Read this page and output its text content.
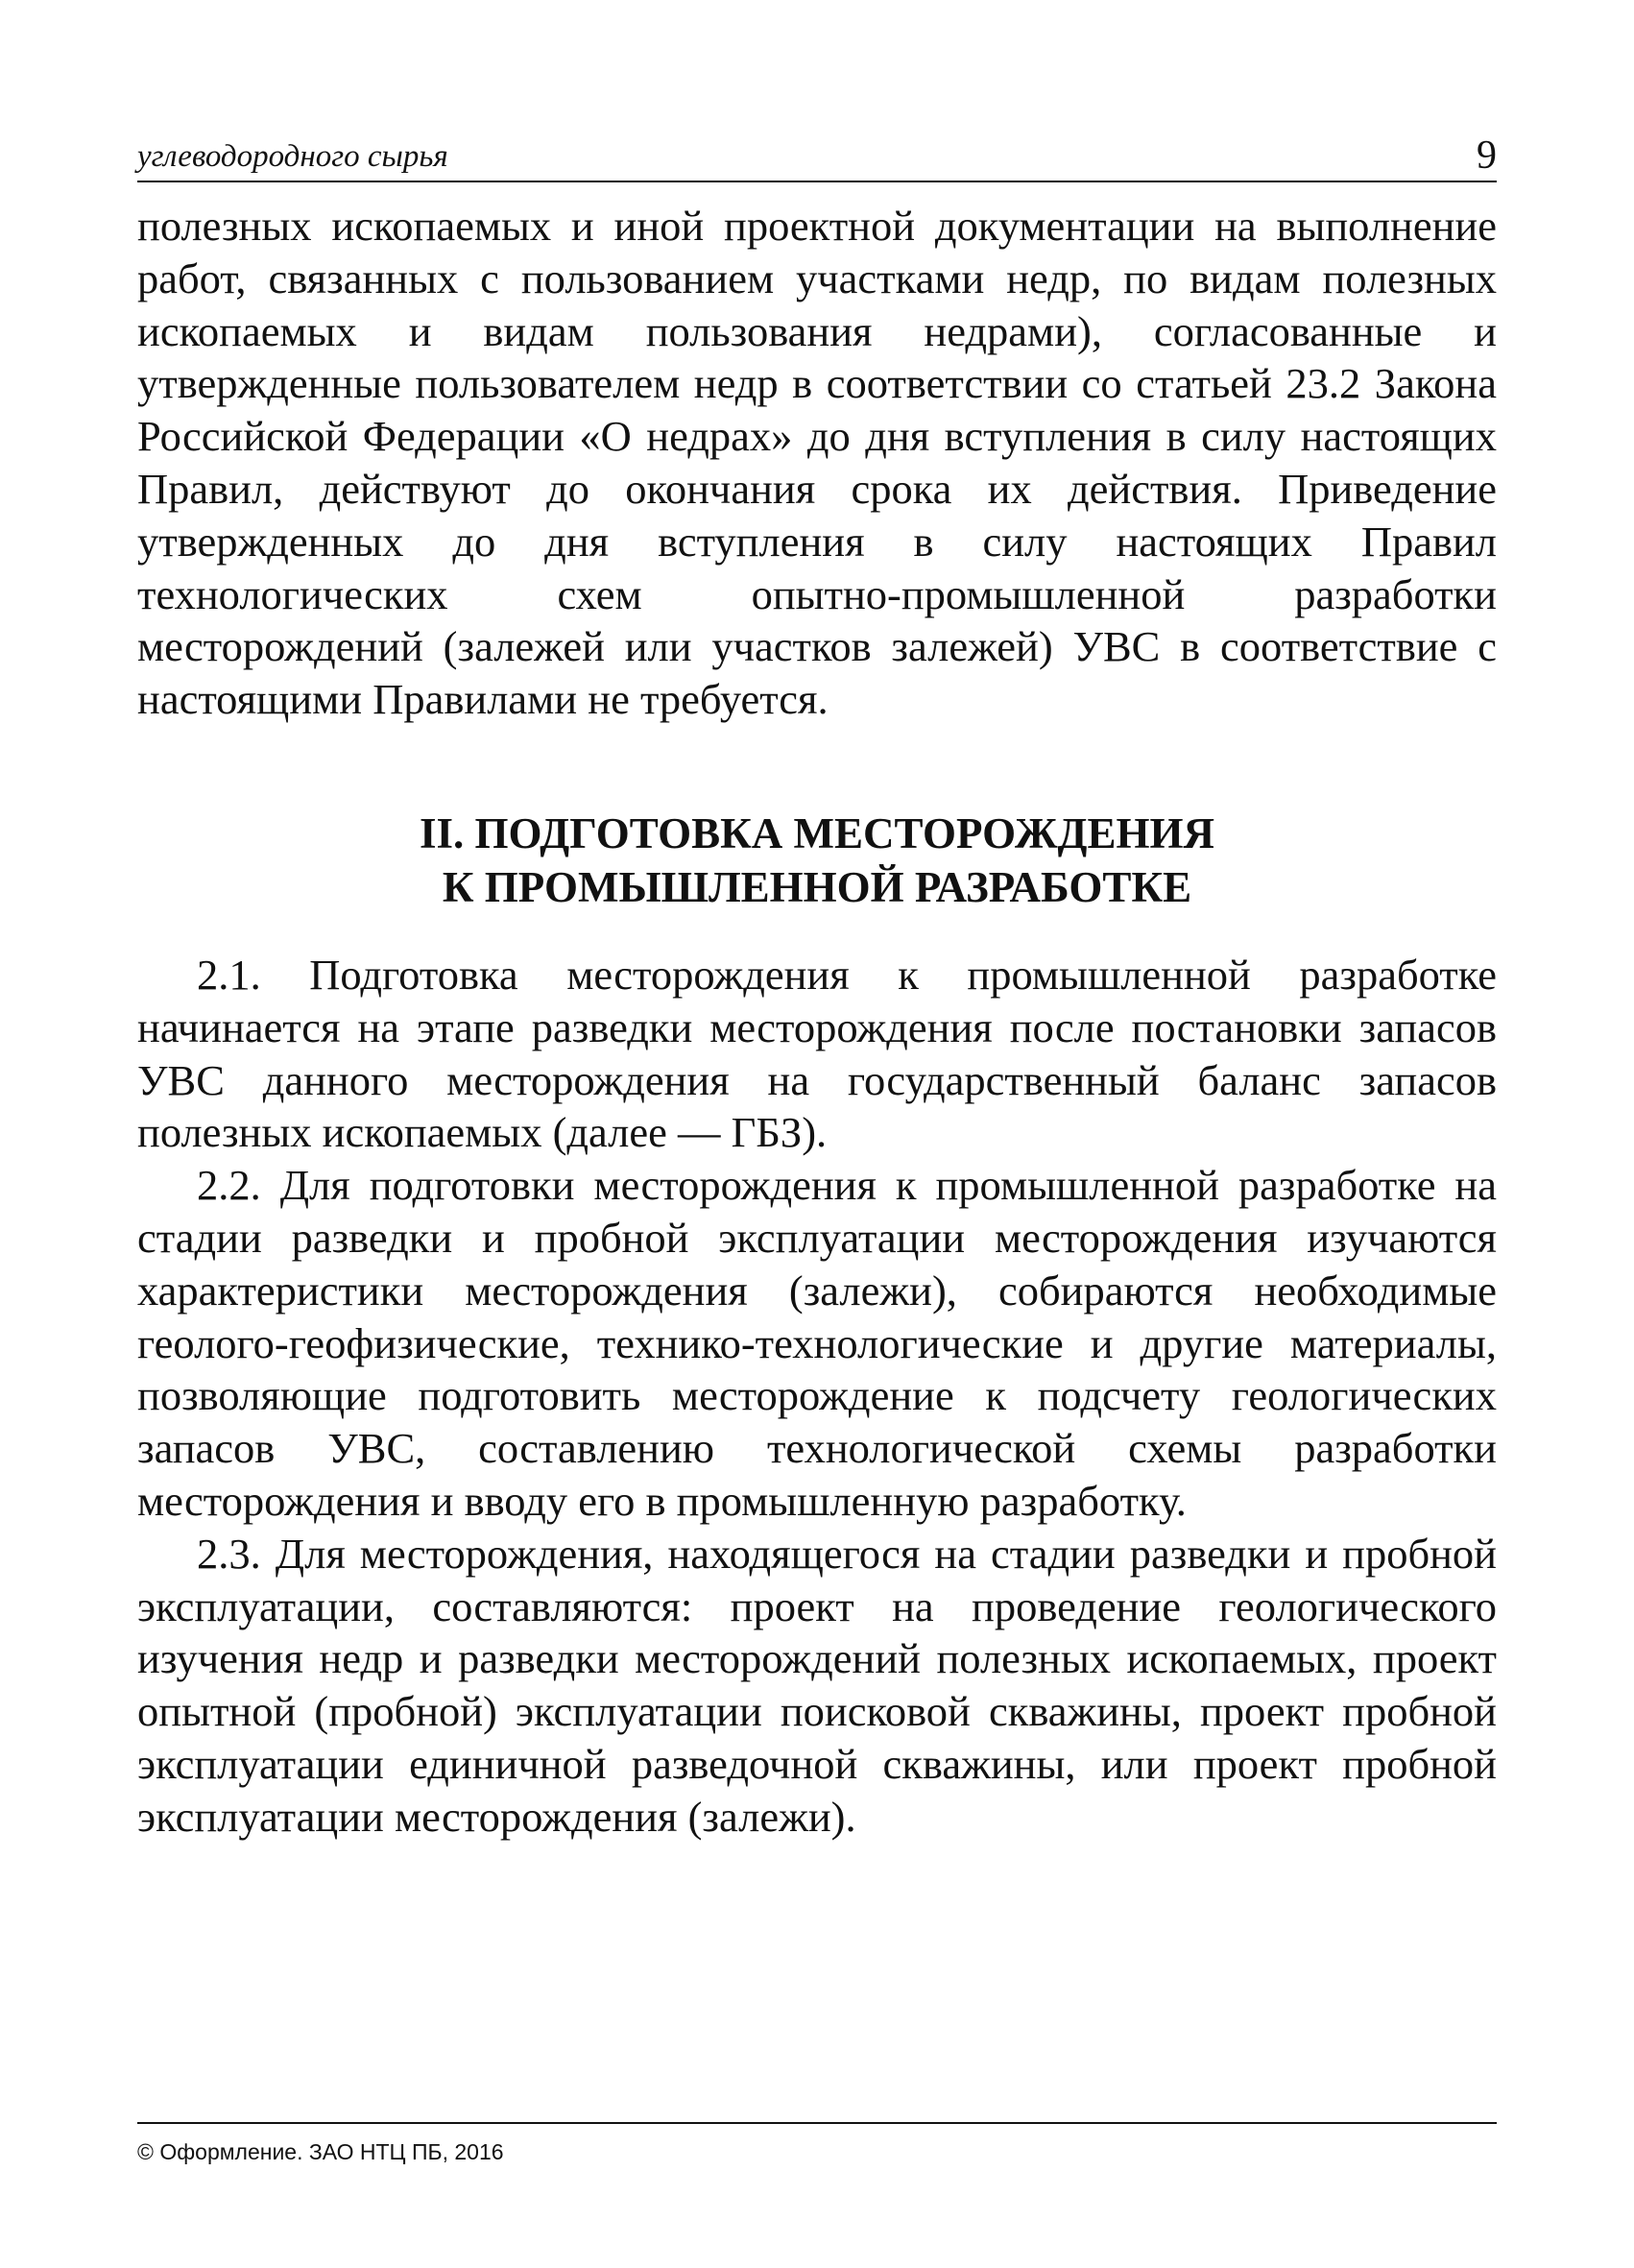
углеводородного сырья	9

полезных ископаемых и иной проектной документации на выполнение работ, связанных с пользованием участками недр, по видам полезных ископаемых и видам пользования недрами), согласованные и утвержденные пользователем недр в соответствии со статьей 23.2 Закона Российской Федерации «О недрах» до дня вступления в силу настоящих Правил, действуют до окончания срока их действия. Приведение утвержденных до дня вступления в силу настоящих Правил технологических схем опытно-промышленной разработки месторождений (залежей или участков залежей) УВС в соответствие с настоящими Правилами не требуется.

II. ПОДГОТОВКА МЕСТОРОЖДЕНИЯ
К ПРОМЫШЛЕННОЙ РАЗРАБОТКЕ

2.1. Подготовка месторождения к промышленной разработке начинается на этапе разведки месторождения после постановки запасов УВС данного месторождения на государственный баланс запасов полезных ископаемых (далее — ГБЗ).

2.2. Для подготовки месторождения к промышленной разработке на стадии разведки и пробной эксплуатации месторождения изучаются характеристики месторождения (залежи), собираются необходимые геолого-геофизические, технико-технологические и другие материалы, позволяющие подготовить месторождение к подсчету геологических запасов УВС, составлению технологической схемы разработки месторождения и вводу его в промышленную разработку.

2.3. Для месторождения, находящегося на стадии разведки и пробной эксплуатации, составляются: проект на проведение геологического изучения недр и разведки месторождений полезных ископаемых, проект опытной (пробной) эксплуатации поисковой скважины, проект пробной эксплуатации единичной разведочной скважины, или проект пробной эксплуатации месторождения (залежи).

© Оформление. ЗАО НТЦ ПБ, 2016
